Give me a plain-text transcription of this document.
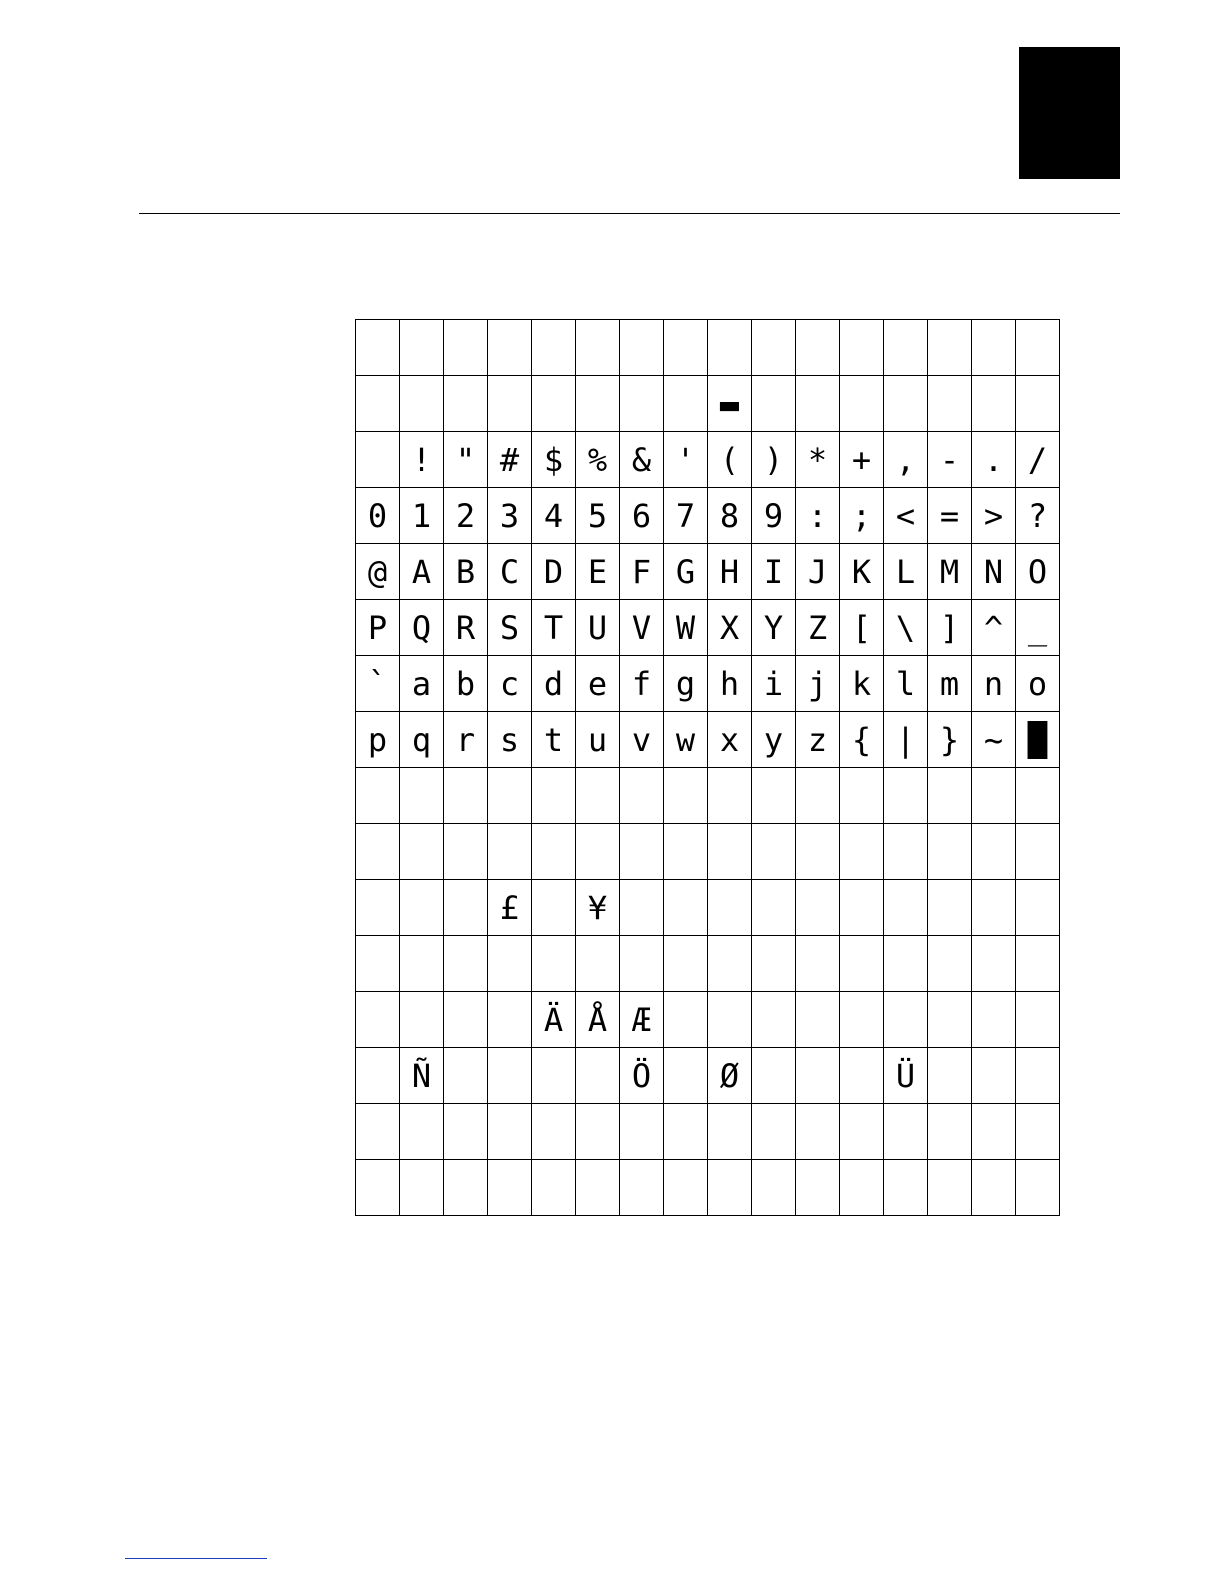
								▬							
	!	"	#	$	%	&	'	(	)	*	+	,	-	.	/
0	1	2	3	4	5	6	7	8	9	:	;	<	=	>	?
@	A	B	C	D	E	F	G	H	I	J	K	L	M	N	O
P	Q	R	S	T	U	V	W	X	Y	Z	[	\	]	^	_
`	a	b	c	d	e	f	g	h	i	j	k	l	m	n	o
p	q	r	s	t	u	v	w	x	y	z	{	|	}	~	█

			£		¥										

				Ä	Å	Æ									
	Ñ					Ö		Ø				Ü			
